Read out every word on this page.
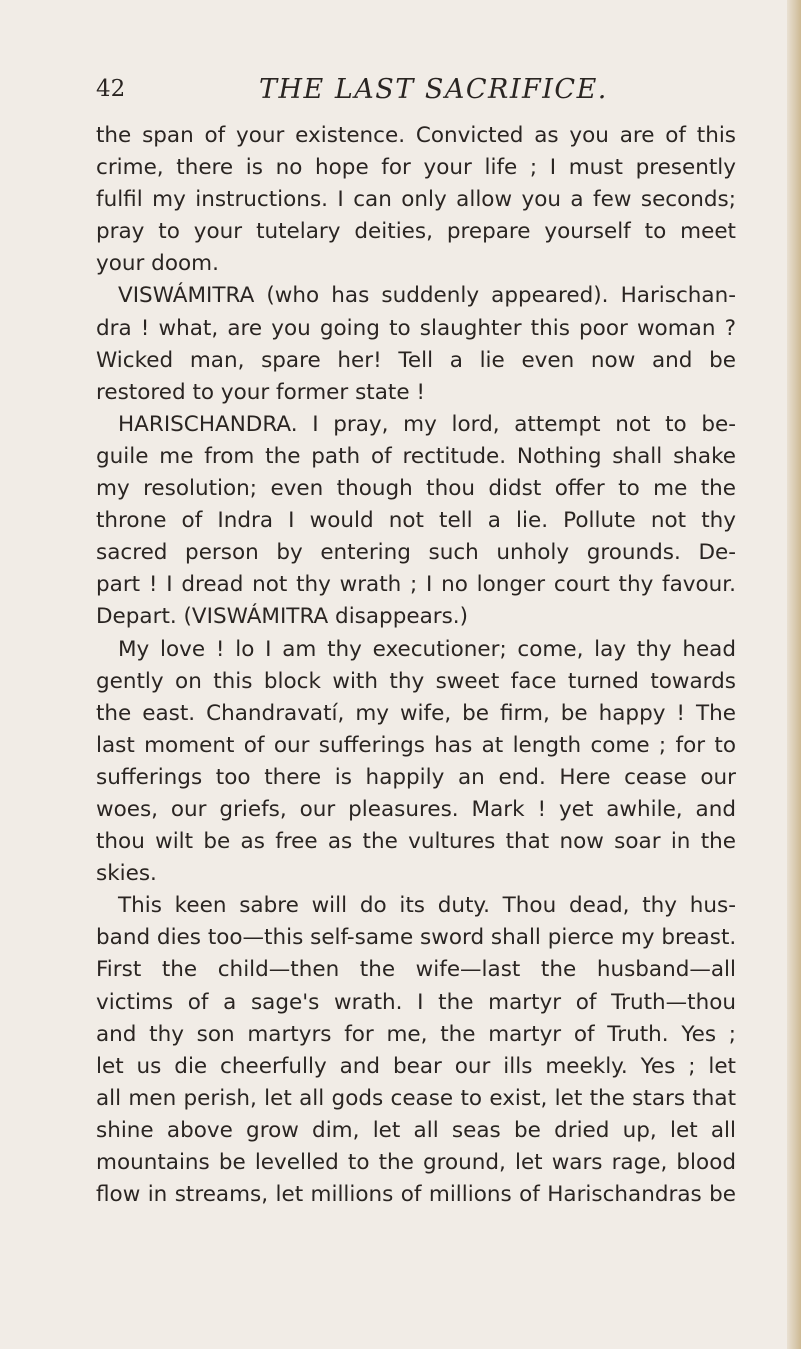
42	THE LAST SACRIFICE.
the span of your existence. Convicted as you are of this
crime, there is no hope for your life ; I must presently
fulfil my instructions. I can only allow you a few seconds;
pray to your tutelary deities, prepare yourself to meet
your doom.
VISWÁMITRA (who has suddenly appeared). Harischan-
dra ! what, are you going to slaughter this poor woman ?
Wicked man, spare her! Tell a lie even now and be
restored to your former state !
HARISCHANDRA. I pray, my lord, attempt not to be-
guile me from the path of rectitude. Nothing shall shake
my resolution; even though thou didst offer to me the
throne of Indra I would not tell a lie. Pollute not thy
sacred person by entering such unholy grounds. De-
part ! I dread not thy wrath ; I no longer court thy favour.
Depart. (VISWÁMITRA disappears.)
My love ! lo I am thy executioner; come, lay thy head
gently on this block with thy sweet face turned towards
the east. Chandravatí, my wife, be firm, be happy ! The
last moment of our sufferings has at length come ; for to
sufferings too there is happily an end. Here cease our
woes, our griefs, our pleasures. Mark ! yet awhile, and
thou wilt be as free as the vultures that now soar in the
skies.
This keen sabre will do its duty. Thou dead, thy hus-
band dies too—this self-same sword shall pierce my breast.
First the child—then the wife—last the husband—all
victims of a sage's wrath. I the martyr of Truth—thou
and thy son martyrs for me, the martyr of Truth. Yes ;
let us die cheerfully and bear our ills meekly. Yes ; let
all men perish, let all gods cease to exist, let the stars that
shine above grow dim, let all seas be dried up, let all
mountains be levelled to the ground, let wars rage, blood
flow in streams, let millions of millions of Harischandras be
